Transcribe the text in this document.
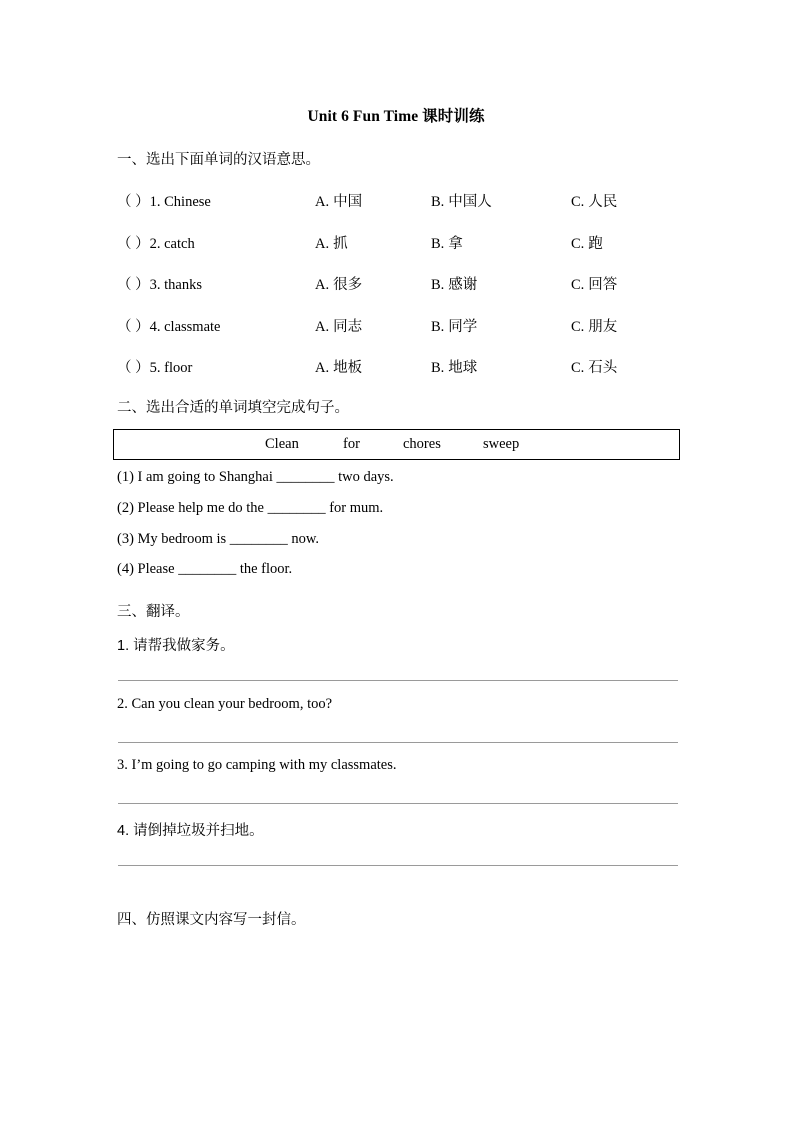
Unit 6 Fun Time 课时训练
一、选出下面单词的汉语意思。
（ ）1. Chinese	A. 中国	B. 中国人	C. 人民
（ ）2. catch	A. 抓	B. 拿	C. 跑
（ ）3. thanks	A. 很多	B. 感谢	C. 回答
（ ）4. classmate	A. 同志	B. 同学	C. 朋友
（ ）5. floor	A. 地板	B. 地球	C. 石头
二、选出合适的单词填空完成句子。
Clean	for	chores	sweep
(1) I am going to Shanghai ________ two days.
(2) Please help me do the ________ for mum.
(3) My bedroom is ________ now.
(4) Please ________ the floor.
三、翻译。
1. 请帮我做家务。
2. Can you clean your bedroom, too?
3. I’m going to go camping with my classmates.
4. 请倒掉垃圾并扫地。
四、仿照课文内容写一封信。
